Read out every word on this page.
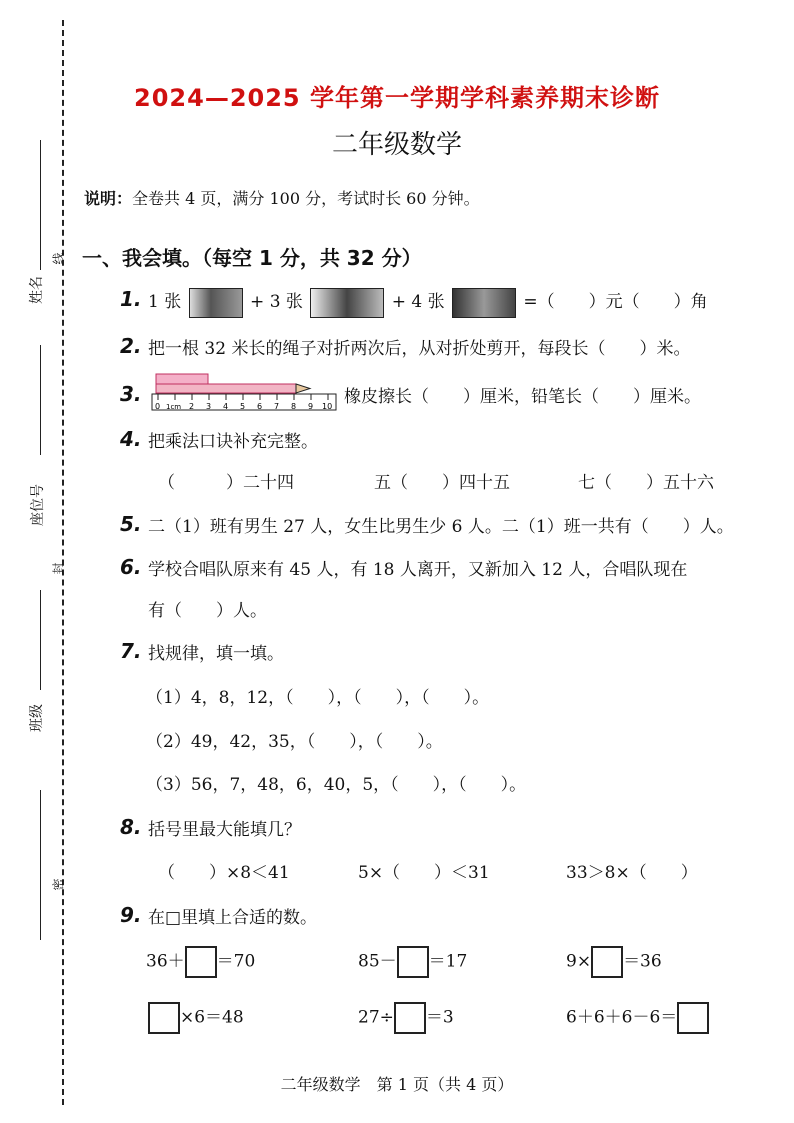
姓名
座位号
班级
线
封
密
2024—2025 学年第一学期学科素养期末诊断
二年级数学
说明：全卷共 4 页，满分 100 分，考试时长 60 分钟。
一、我会填。（每空 1 分，共 32 分）
1. 1 张	+ 3 张	+ 4 张	=（　　）元（　　）角
2. 把一根 32 米长的绳子对折两次后，从对折处剪开，每段长（　　）米。
3.
0 1cm 2 3 4 5 6 7 8 9 10 橡皮擦长（　　）厘米，铅笔长（　　）厘米。
4. 把乘法口诀补充完整。
（　　　）二十四	五（　　）四十五	七（　　）五十六
5. 二（1）班有男生 27 人，女生比男生少 6 人。二（1）班一共有（　　）人。
6. 学校合唱队原来有 45 人，有 18 人离开，又新加入 12 人，合唱队现在
有（　　）人。
7. 找规律，填一填。
（1）4，8，12，（　　），（　　），（　　）。
（2）49，42，35，（　　），（　　）。
（3）56，7，48，6，40，5，（　　），（　　）。
8. 括号里最大能填几？
（　　）×8＜41	5×（　　）＜31	33＞8×（　　）
9. 在□里填上合适的数。
36＋ ＝70	85－ ＝17	9× ＝36
×6＝48	27÷ ＝3	6＋6＋6－6＝
二年级数学　第 1 页（共 4 页）
